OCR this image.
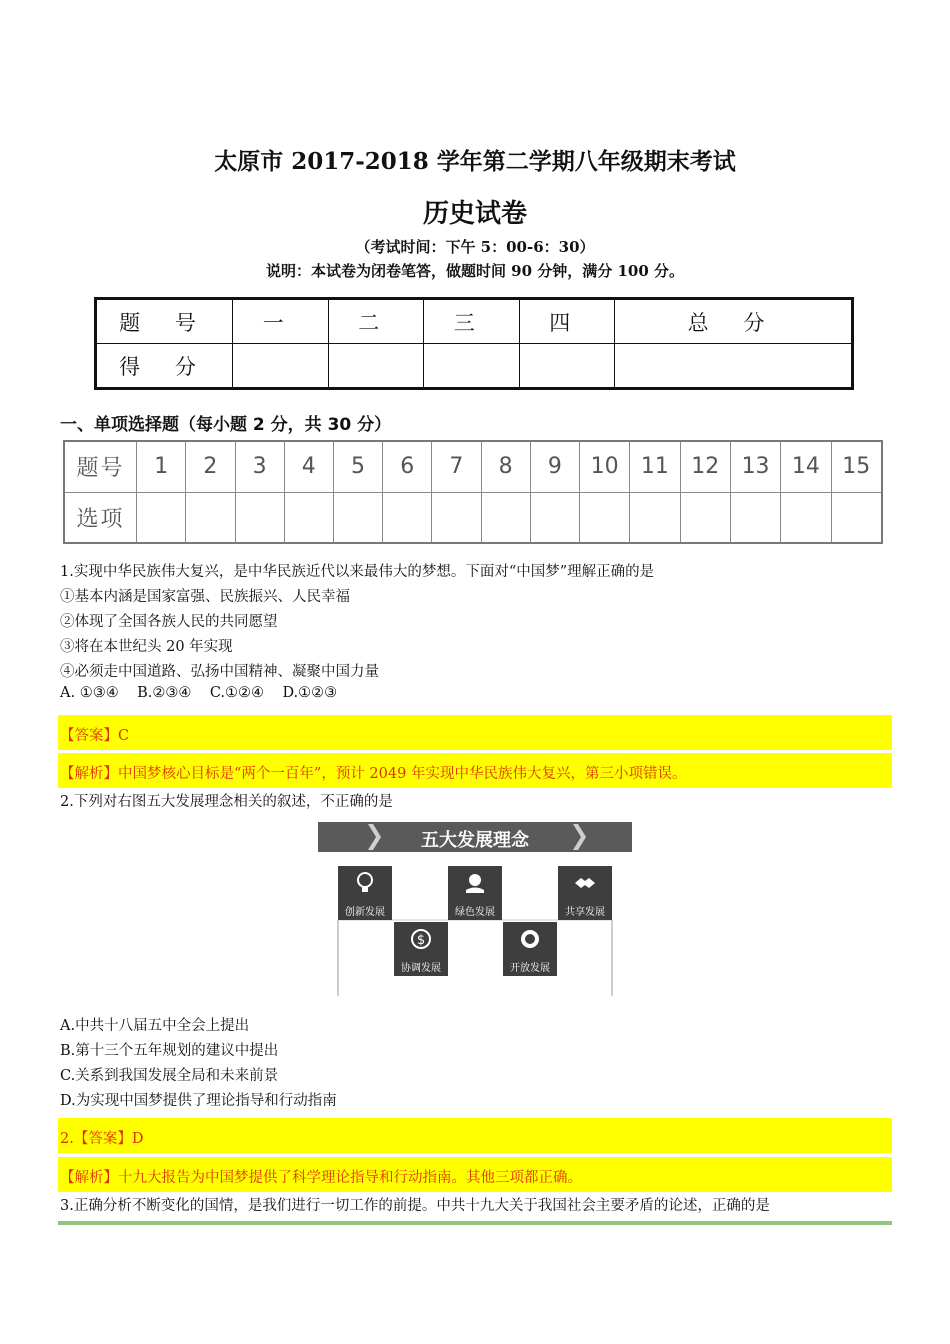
太原市 2017-2018 学年第二学期八年级期末考试
历史试卷
（考试时间：下午 5：00-6：30）
说明：本试卷为闭卷笔答，做题时间 90 分钟，满分 100 分。
题 号	一	二	三	四	总 分
得 分					
一、单项选择题（每小题 2 分，共 30 分）
题号	1	2	3	4	5	6	7	8	9	10	11	12	13	14	15
选项															
1.实现中华民族伟大复兴，是中华民族近代以来最伟大的梦想。下面对“中国梦”理解正确的是
①基本内涵是国家富强、民族振兴、人民幸福
②体现了全国各族人民的共同愿望
③将在本世纪头 20 年实现
④必须走中国道路、弘扬中国精神、凝聚中国力量
A. ①③④    B.②③④    C.①②④    D.①②③
【答案】C
【解析】中国梦核心目标是“两个一百年”，预计 2049 年实现中华民族伟大复兴，第三小项错误。
2.下列对右图五大发展理念相关的叙述，不正确的是
五大发展理念
创新发展
$
协调发展
绿色发展
开放发展
共享发展
A.中共十八届五中全会上提出
B.第十三个五年规划的建议中提出
C.关系到我国发展全局和未来前景
D.为实现中国梦提供了理论指导和行动指南
2.【答案】D
【解析】十九大报告为中国梦提供了科学理论指导和行动指南。其他三项都正确。
3.正确分析不断变化的国情，是我们进行一切工作的前提。中共十九大关于我国社会主要矛盾的论述，正确的是
